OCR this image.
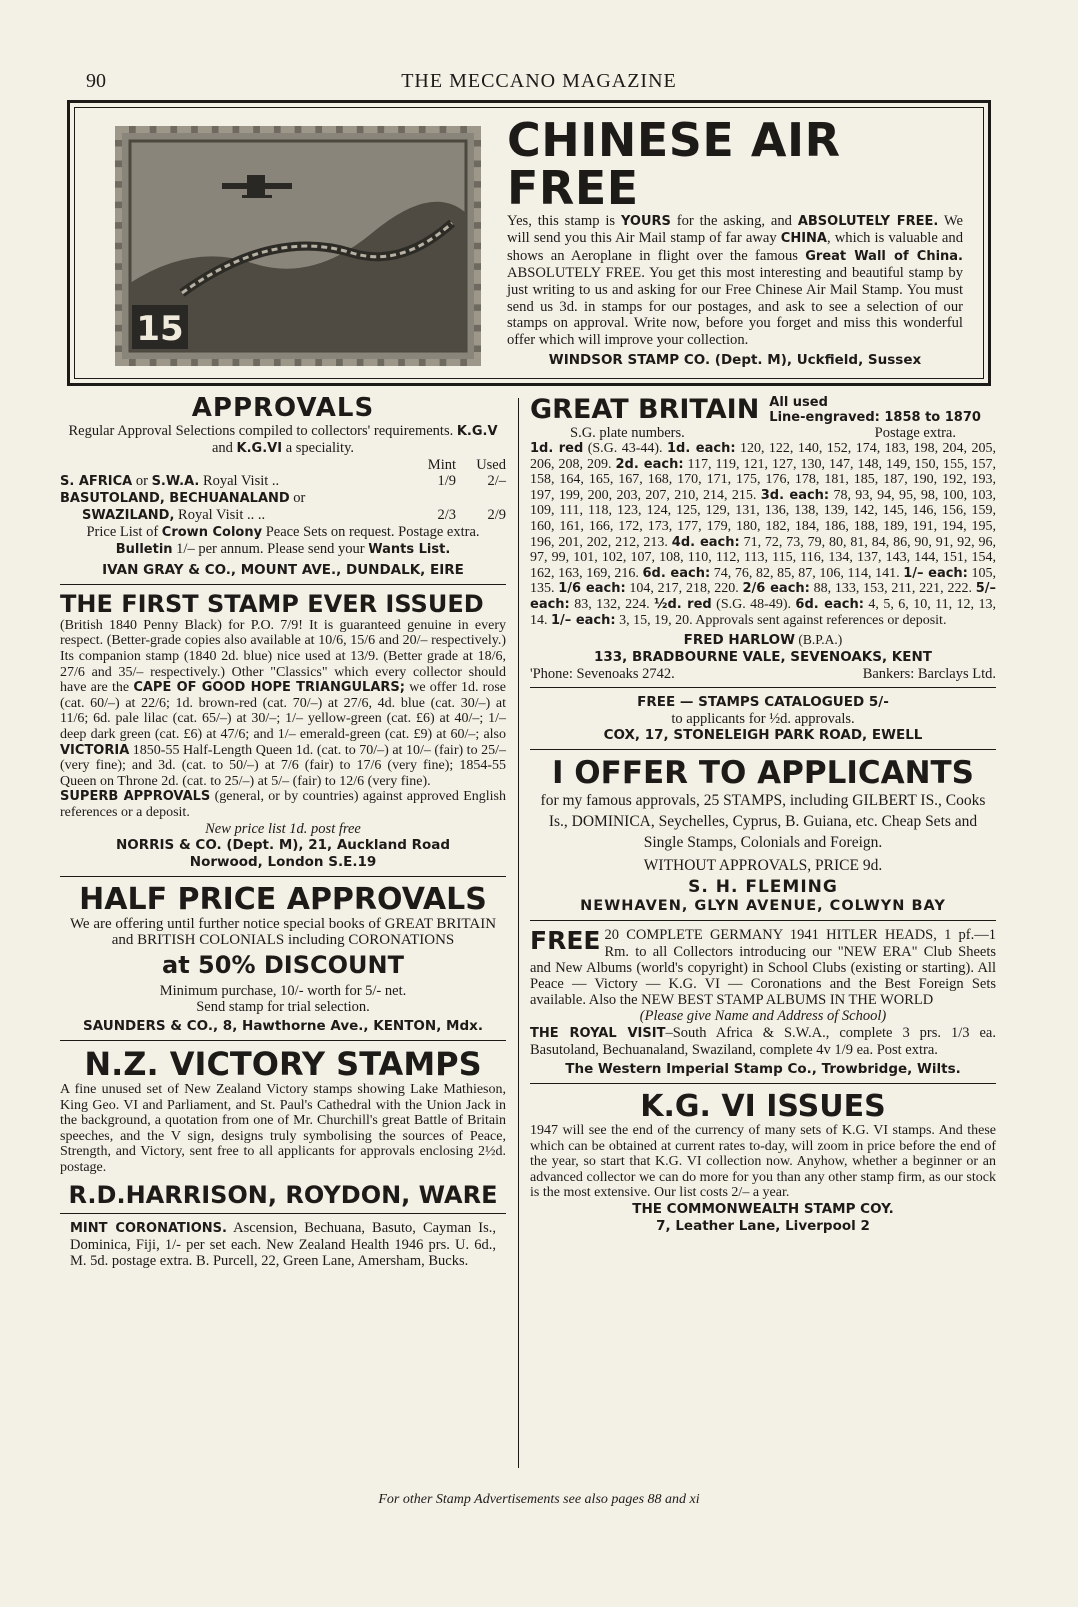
90	THE MECCANO MAGAZINE
15
CHINESE AIR FREE
Yes, this stamp is YOURS for the asking, and ABSOLUTELY FREE. We will send you this Air Mail stamp of far away CHINA, which is valuable and shows an Aeroplane in flight over the famous Great Wall of China. ABSOLUTELY FREE. You get this most interesting and beautiful stamp by just writing to us and asking for our Free Chinese Air Mail Stamp. You must send us 3d. in stamps for our postages, and ask to see a selection of our stamps on approval. Write now, before you forget and miss this wonderful offer which will improve your collection.
WINDSOR STAMP CO. (Dept. M), Uckfield, Sussex
APPROVALS
Regular Approval Selections compiled to collectors' requirements. K.G.V and K.G.VI a speciality.
Mint	Used
S. AFRICA or S.W.A. Royal Visit ..	1/9	2/–
BASUTOLAND, BECHUANALAND or
SWAZILAND, Royal Visit .. ..	2/3	2/9
Price List of Crown Colony Peace Sets on request. Postage extra. Bulletin 1/– per annum. Please send your Wants List.
IVAN GRAY & CO., MOUNT AVE., DUNDALK, EIRE
THE FIRST STAMP EVER ISSUED
(British 1840 Penny Black) for P.O. 7/9! It is guaranteed genuine in every respect. (Better-grade copies also available at 10/6, 15/6 and 20/– respectively.) Its companion stamp (1840 2d. blue) nice used at 13/9. (Better grade at 18/6, 27/6 and 35/– respectively.) Other "Classics" which every collector should have are the CAPE OF GOOD HOPE TRIANGULARS; we offer 1d. rose (cat. 60/–) at 22/6; 1d. brown-red (cat. 70/–) at 27/6, 4d. blue (cat. 30/–) at 11/6; 6d. pale lilac (cat. 65/–) at 30/–; 1/– yellow-green (cat. £6) at 40/–; 1/– deep dark green (cat. £6) at 47/6; and 1/– emerald-green (cat. £9) at 60/–; also VICTORIA 1850-55 Half-Length Queen 1d. (cat. to 70/–) at 10/– (fair) to 25/– (very fine); and 3d. (cat. to 50/–) at 7/6 (fair) to 17/6 (very fine); 1854-55 Queen on Throne 2d. (cat. to 25/–) at 5/– (fair) to 12/6 (very fine).
SUPERB APPROVALS (general, or by countries) against approved English references or a deposit.
New price list 1d. post free
NORRIS & CO. (Dept. M), 21, Auckland Road
Norwood, London S.E.19
HALF PRICE APPROVALS
We are offering until further notice special books of GREAT BRITAIN and BRITISH COLONIALS including CORONATIONS
at 50% DISCOUNT
Minimum purchase, 10/- worth for 5/- net.
Send stamp for trial selection.
SAUNDERS & CO., 8, Hawthorne Ave., KENTON, Mdx.
N.Z. VICTORY STAMPS
A fine unused set of New Zealand Victory stamps showing Lake Mathieson, King Geo. VI and Parliament, and St. Paul's Cathedral with the Union Jack in the background, a quotation from one of Mr. Churchill's great Battle of Britain speeches, and the V sign, designs truly symbolising the sources of Peace, Strength, and Victory, sent free to all applicants for approvals enclosing 2½d. postage.
R.D.HARRISON, ROYDON, WARE
MINT CORONATIONS. Ascension, Bechuana, Basuto, Cayman Is., Dominica, Fiji, 1/- per set each. New Zealand Health 1946 prs. U. 6d., M. 5d. postage extra. B. Purcell, 22, Green Lane, Amersham, Bucks.
GREAT BRITAIN All used
Line-engraved: 1858 to 1870
S.G. plate numbers.	Postage extra.
1d. red (S.G. 43-44). 1d. each: 120, 122, 140, 152, 174, 183, 198, 204, 205, 206, 208, 209. 2d. each: 117, 119, 121, 127, 130, 147, 148, 149, 150, 155, 157, 158, 164, 165, 167, 168, 170, 171, 175, 176, 178, 181, 185, 187, 190, 192, 193, 197, 199, 200, 203, 207, 210, 214, 215. 3d. each: 78, 93, 94, 95, 98, 100, 103, 109, 111, 118, 123, 124, 125, 129, 131, 136, 138, 139, 142, 145, 146, 156, 159, 160, 161, 166, 172, 173, 177, 179, 180, 182, 184, 186, 188, 189, 191, 194, 195, 196, 201, 202, 212, 213. 4d. each: 71, 72, 73, 79, 80, 81, 84, 86, 90, 91, 92, 96, 97, 99, 101, 102, 107, 108, 110, 112, 113, 115, 116, 134, 137, 143, 144, 151, 154, 162, 163, 169, 216. 6d. each: 74, 76, 82, 85, 87, 106, 114, 141. 1/– each: 105, 135. 1/6 each: 104, 217, 218, 220. 2/6 each: 88, 133, 153, 211, 221, 222. 5/– each: 83, 132, 224. ½d. red (S.G. 48-49). 6d. each: 4, 5, 6, 10, 11, 12, 13, 14. 1/– each: 3, 15, 19, 20. Approvals sent against references or deposit.
FRED HARLOW (B.P.A.)
133, BRADBOURNE VALE, SEVENOAKS, KENT
'Phone: Sevenoaks 2742.	Bankers: Barclays Ltd.
FREE — STAMPS CATALOGUED 5/-
to applicants for ½d. approvals.
COX, 17, STONELEIGH PARK ROAD, EWELL
I OFFER TO APPLICANTS
for my famous approvals, 25 STAMPS, including GILBERT IS., Cooks Is., DOMINICA, Seychelles, Cyprus, B. Guiana, etc. Cheap Sets and Single Stamps, Colonials and Foreign.
WITHOUT APPROVALS, PRICE 9d.
S. H. FLEMING
NEWHAVEN, GLYN AVENUE, COLWYN BAY
FREE 20 COMPLETE GERMANY 1941 HITLER HEADS, 1 pf.—1 Rm. to all Collectors introducing our "NEW ERA" Club Sheets and New Albums (world's copyright) in School Clubs (existing or starting). All Peace — Victory — K.G. VI — Coronations and the Best Foreign Sets available. Also the NEW BEST STAMP ALBUMS IN THE WORLD
(Please give Name and Address of School)
THE ROYAL VISIT–South Africa & S.W.A., complete 3 prs. 1/3 ea. Basutoland, Bechuanaland, Swaziland, complete 4v 1/9 ea. Post extra.
The Western Imperial Stamp Co., Trowbridge, Wilts.
K.G. VI ISSUES
1947 will see the end of the currency of many sets of K.G. VI stamps. And these which can be obtained at current rates to-day, will zoom in price before the end of the year, so start that K.G. VI collection now. Anyhow, whether a beginner or an advanced collector we can do more for you than any other stamp firm, as our stock is the most extensive. Our list costs 2/– a year.
THE COMMONWEALTH STAMP COY.
7, Leather Lane, Liverpool 2
For other Stamp Advertisements see also pages 88 and xi
